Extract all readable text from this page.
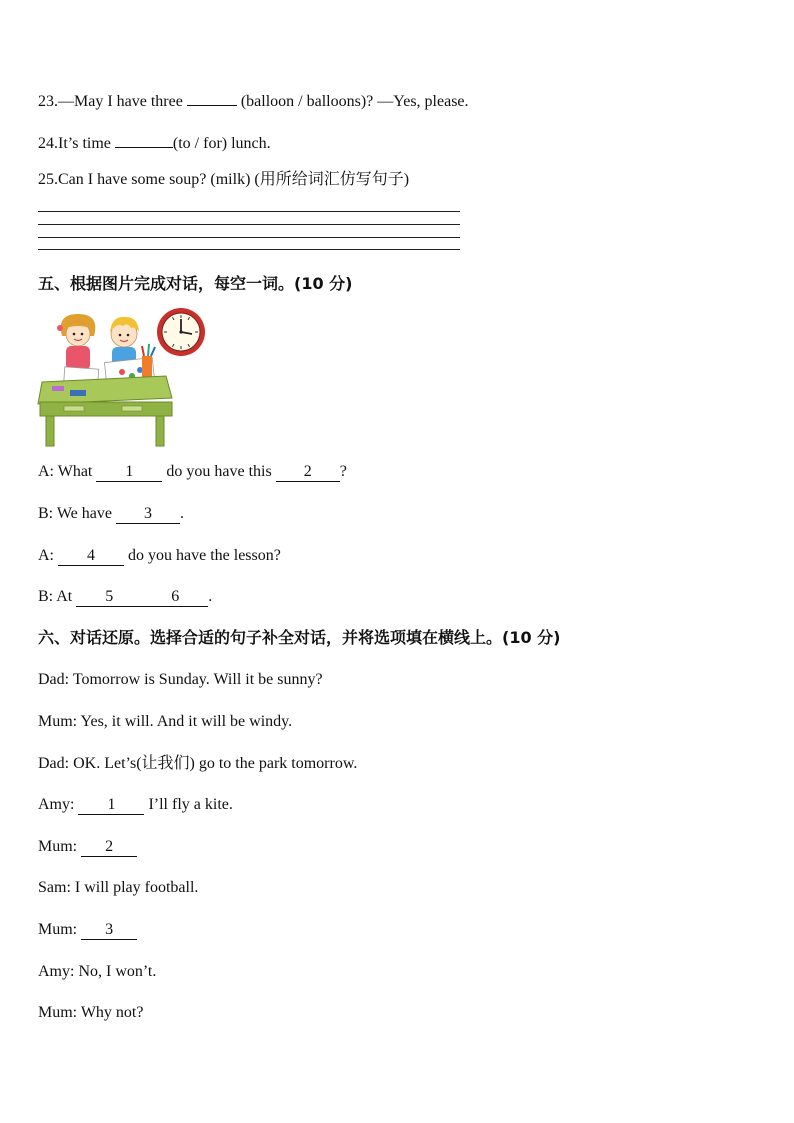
23.—May I have three	(balloon / balloons)? —Yes, please.
24.It’s time	(to / for) lunch.
25.Can I have some soup? (milk) (用所给词汇仿写句子)
五、根据图片完成对话，每空一词。(10 分)
A: What 1 do you have this 2 ?
B: We have 3 .
A: 4 do you have the lesson?
B: At 5	6 .
六、对话还原。选择合适的句子补全对话，并将选项填在横线上。(10 分)
Dad: Tomorrow is Sunday. Will it be sunny?
Mum: Yes, it will. And it will be windy.
Dad: OK. Let’s(让我们) go to the park tomorrow.
Amy: 1 I’ll fly a kite.
Mum: 2
Sam: I will play football.
Mum: 3
Amy: No, I won’t.
Mum: Why not?
